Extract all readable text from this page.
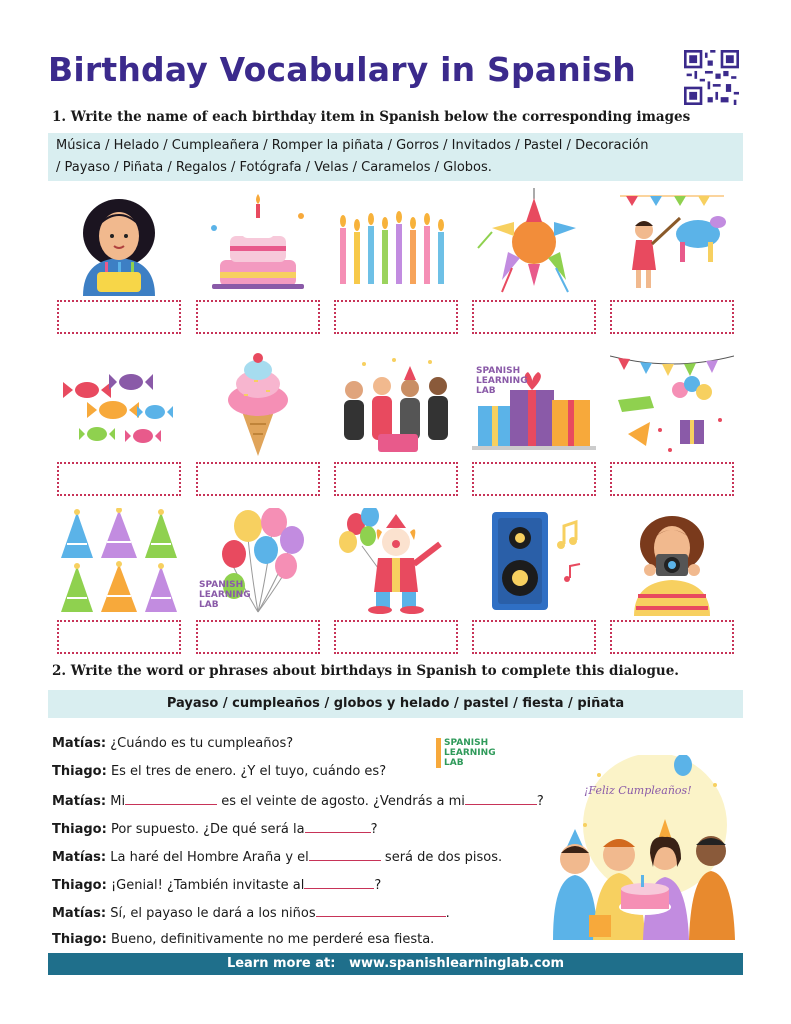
Birthday Vocabulary in Spanish
1. Write the name of each birthday item in Spanish below the corresponding images
Música / Helado / Cumpleañera / Romper la piñata / Gorros / Invitados / Pastel / Decoración
/ Payaso / Piñata / Regalos / Fotógrafa / Velas / Caramelos / Globos.
SPANISH
LEARNING
LAB
SPANISH
LEARNING
LAB
2. Write the word or phrases about birthdays in Spanish to complete this dialogue.
Payaso / cumpleaños / globos y helado / pastel / fiesta / piñata
SPANISH
LEARNING
LAB
Matías: ¿Cuándo es tu cumpleaños?
Thiago: Es el tres de enero. ¿Y el tuyo, cuándo es?
Matías: Mi	es el veinte de agosto. ¿Vendrás a mi	?
Thiago: Por supuesto. ¿De qué será la	?
Matías: La haré del Hombre Araña y el	será de dos pisos.
Thiago: ¡Genial! ¿También invitaste al	?
Matías: Sí, el payaso le dará a los niños	.
Thiago: Bueno, definitivamente no me perderé esa fiesta.
¡Feliz Cumpleaños!
Learn more at: www.spanishlearninglab.com
